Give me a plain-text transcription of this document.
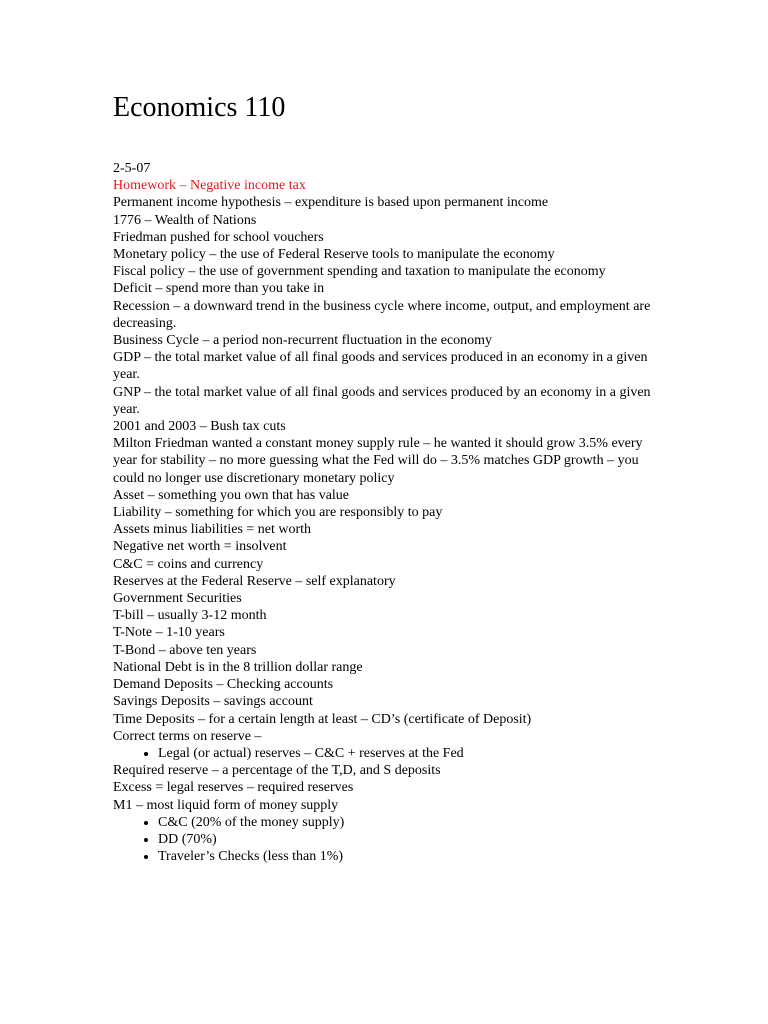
Economics 110

2-5-07

Homework – Negative income tax

Permanent income hypothesis – expenditure is based upon permanent income

1776 – Wealth of Nations

Friedman pushed for school vouchers

Monetary policy – the use of Federal Reserve tools to manipulate the economy

Fiscal policy – the use of government spending and taxation to manipulate the economy

Deficit – spend more than you take in

Recession – a downward trend in the business cycle where income, output, and employment are decreasing.

Business Cycle – a period non-recurrent fluctuation in the economy

GDP – the total market value of all final goods and services produced in an economy in a given year.

GNP – the total market value of all final goods and services produced by an economy in a given year.

2001 and 2003 – Bush tax cuts

Milton Friedman wanted a constant money supply rule – he wanted it should grow 3.5% every year for stability – no more guessing what the Fed will do – 3.5% matches GDP growth – you could no longer use discretionary monetary policy

Asset – something you own that has value

Liability – something for which you are responsibly to pay

Assets minus liabilities = net worth

Negative net worth = insolvent

C&C = coins and currency

Reserves at the Federal Reserve – self explanatory

Government Securities

T-bill – usually 3-12 month

T-Note – 1-10 years

T-Bond – above ten years

National Debt is in the 8 trillion dollar range

Demand Deposits – Checking accounts

Savings Deposits – savings account

Time Deposits – for a certain length at least – CD’s (certificate of Deposit)

Correct terms on reserve –

• Legal (or actual) reserves – C&C + reserves at the Fed

Required reserve – a percentage of the T,D, and S deposits

Excess = legal reserves – required reserves

M1 – most liquid form of money supply

• C&C (20% of the money supply)
• DD (70%)
• Traveler’s Checks (less than 1%)
